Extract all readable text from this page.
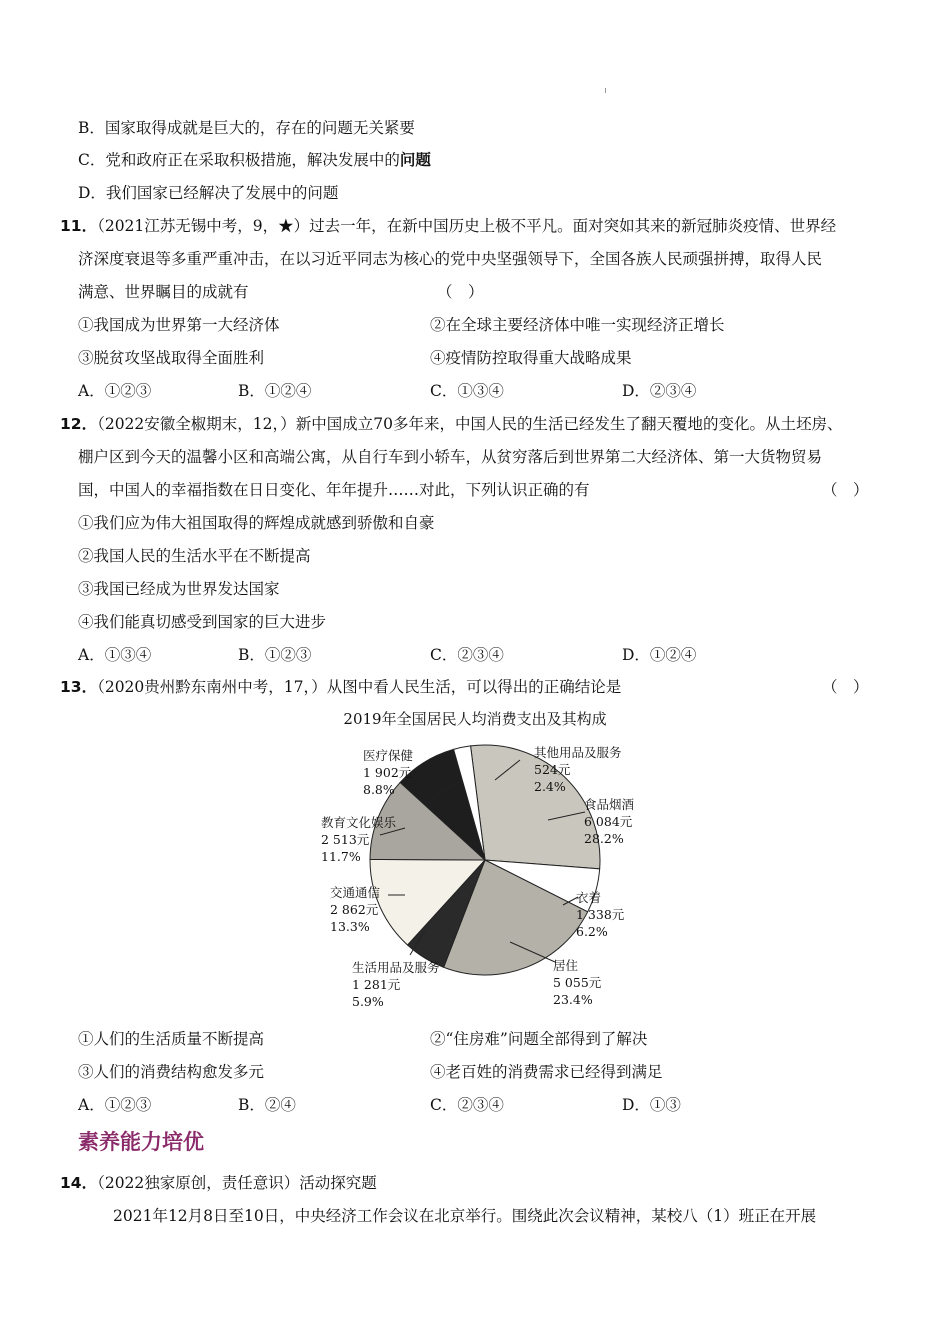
B．国家取得成就是巨大的，存在的问题无关紧要
C．党和政府正在采取积极措施，解决发展中的问题
D．我们国家已经解决了发展中的问题
11．（2021江苏无锡中考，9，★）过去一年，在新中国历史上极不平凡。面对突如其来的新冠肺炎疫情、世界经
济深度衰退等多重严重冲击，在以习近平同志为核心的党中央坚强领导下，全国各族人民顽强拼搏，取得人民
满意、世界瞩目的成就有	（　）
①我国成为世界第一大经济体	②在全球主要经济体中唯一实现经济正增长
③脱贫攻坚战取得全面胜利	④疫情防控取得重大战略成果
A．①②③	B．①②④	C．①③④	D．②③④
12．（2022安徽全椒期末，12，）新中国成立70多年来，中国人民的生活已经发生了翻天覆地的变化。从土坯房、
棚户区到今天的温馨小区和高端公寓，从自行车到小轿车，从贫穷落后到世界第二大经济体、第一大货物贸易
国，中国人的幸福指数在日日变化、年年提升……对此，下列认识正确的有	（　）
①我们应为伟大祖国取得的辉煌成就感到骄傲和自豪
②我国人民的生活水平在不断提高
③我国已经成为世界发达国家
④我们能真切感受到国家的巨大进步
A．①③④	B．①②③	C．②③④	D．①②④
13．（2020贵州黔东南州中考，17，）从图中看人民生活，可以得出的正确结论是	（　）
2019年全国居民人均消费支出及其构成
医疗保健
1 902元
8.8%
其他用品及服务
524元
2.4%
食品烟酒
6 084元
28.2%
教育文化娱乐
2 513元
11.7%
衣着
1 338元
6.2%
交通通信
2 862元
13.3%
居住
5 055元
23.4%
生活用品及服务
1 281元
5.9%
①人们的生活质量不断提高	②“住房难”问题全部得到了解决
③人们的消费结构愈发多元	④老百姓的消费需求已经得到满足
A．①②③	B．②④	C．②③④	D．①③
素养能力培优
14．（2022独家原创，责任意识）活动探究题
2021年12月8日至10日，中央经济工作会议在北京举行。围绕此次会议精神，某校八（1）班正在开展
